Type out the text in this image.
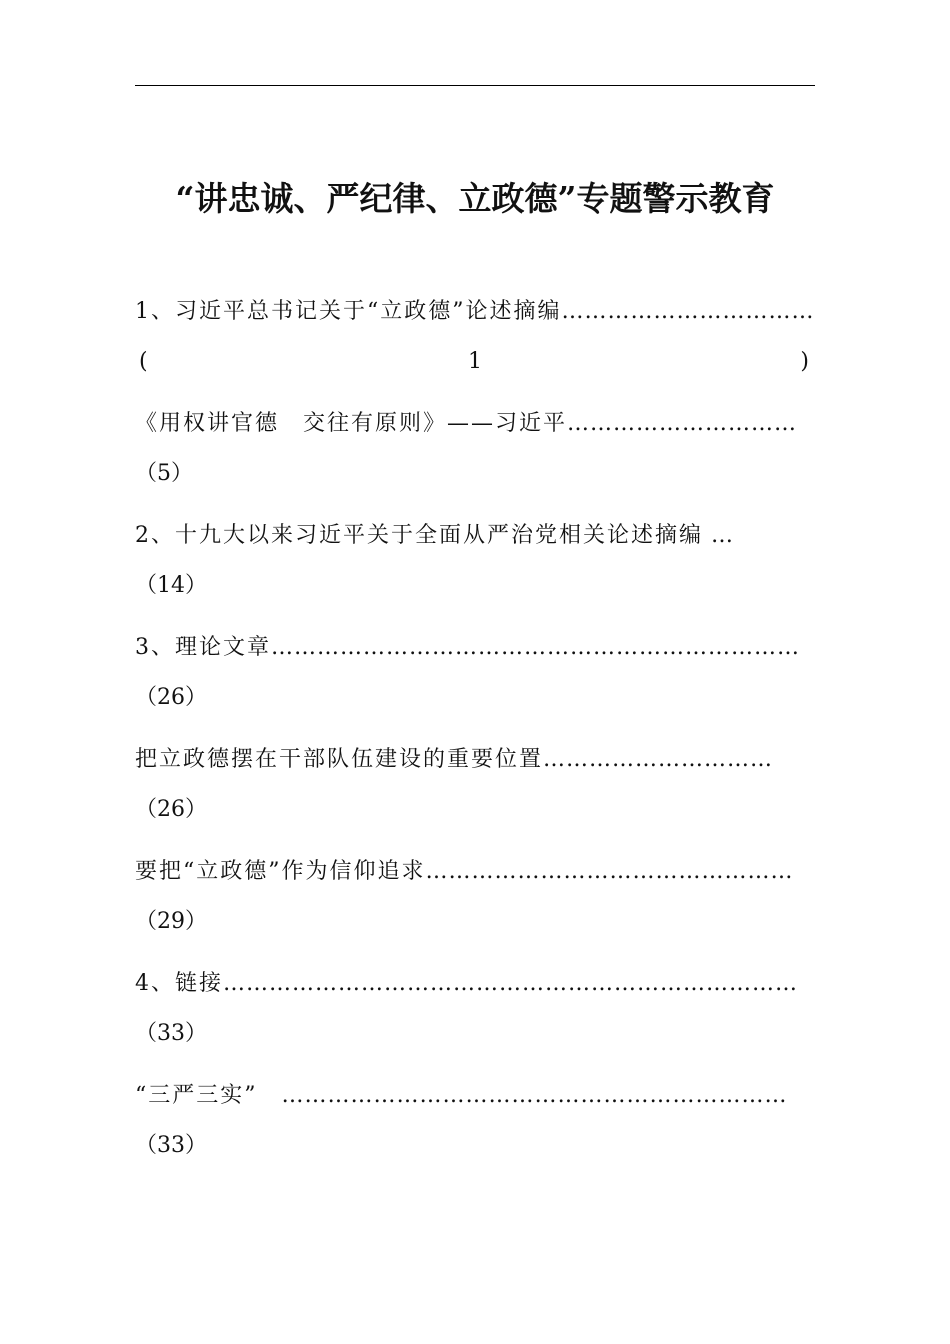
“讲忠诚、严纪律、立政德”专题警示教育
1、习近平总书记关于“立政德”论述摘编……………………………
(	1	)
《用权讲官德　交往有原则》——习近平…………………………
（5）
2、十九大以来习近平关于全面从严治党相关论述摘编 …
（14）
3、理论文章……………………………………………………………
（26）
把立政德摆在干部队伍建设的重要位置…………………………
（26）
要把“立政德”作为信仰追求…………………………………………
（29）
4、链接…………………………………………………………………
（33）
“三严三实”　…………………………………………………………
（33）
